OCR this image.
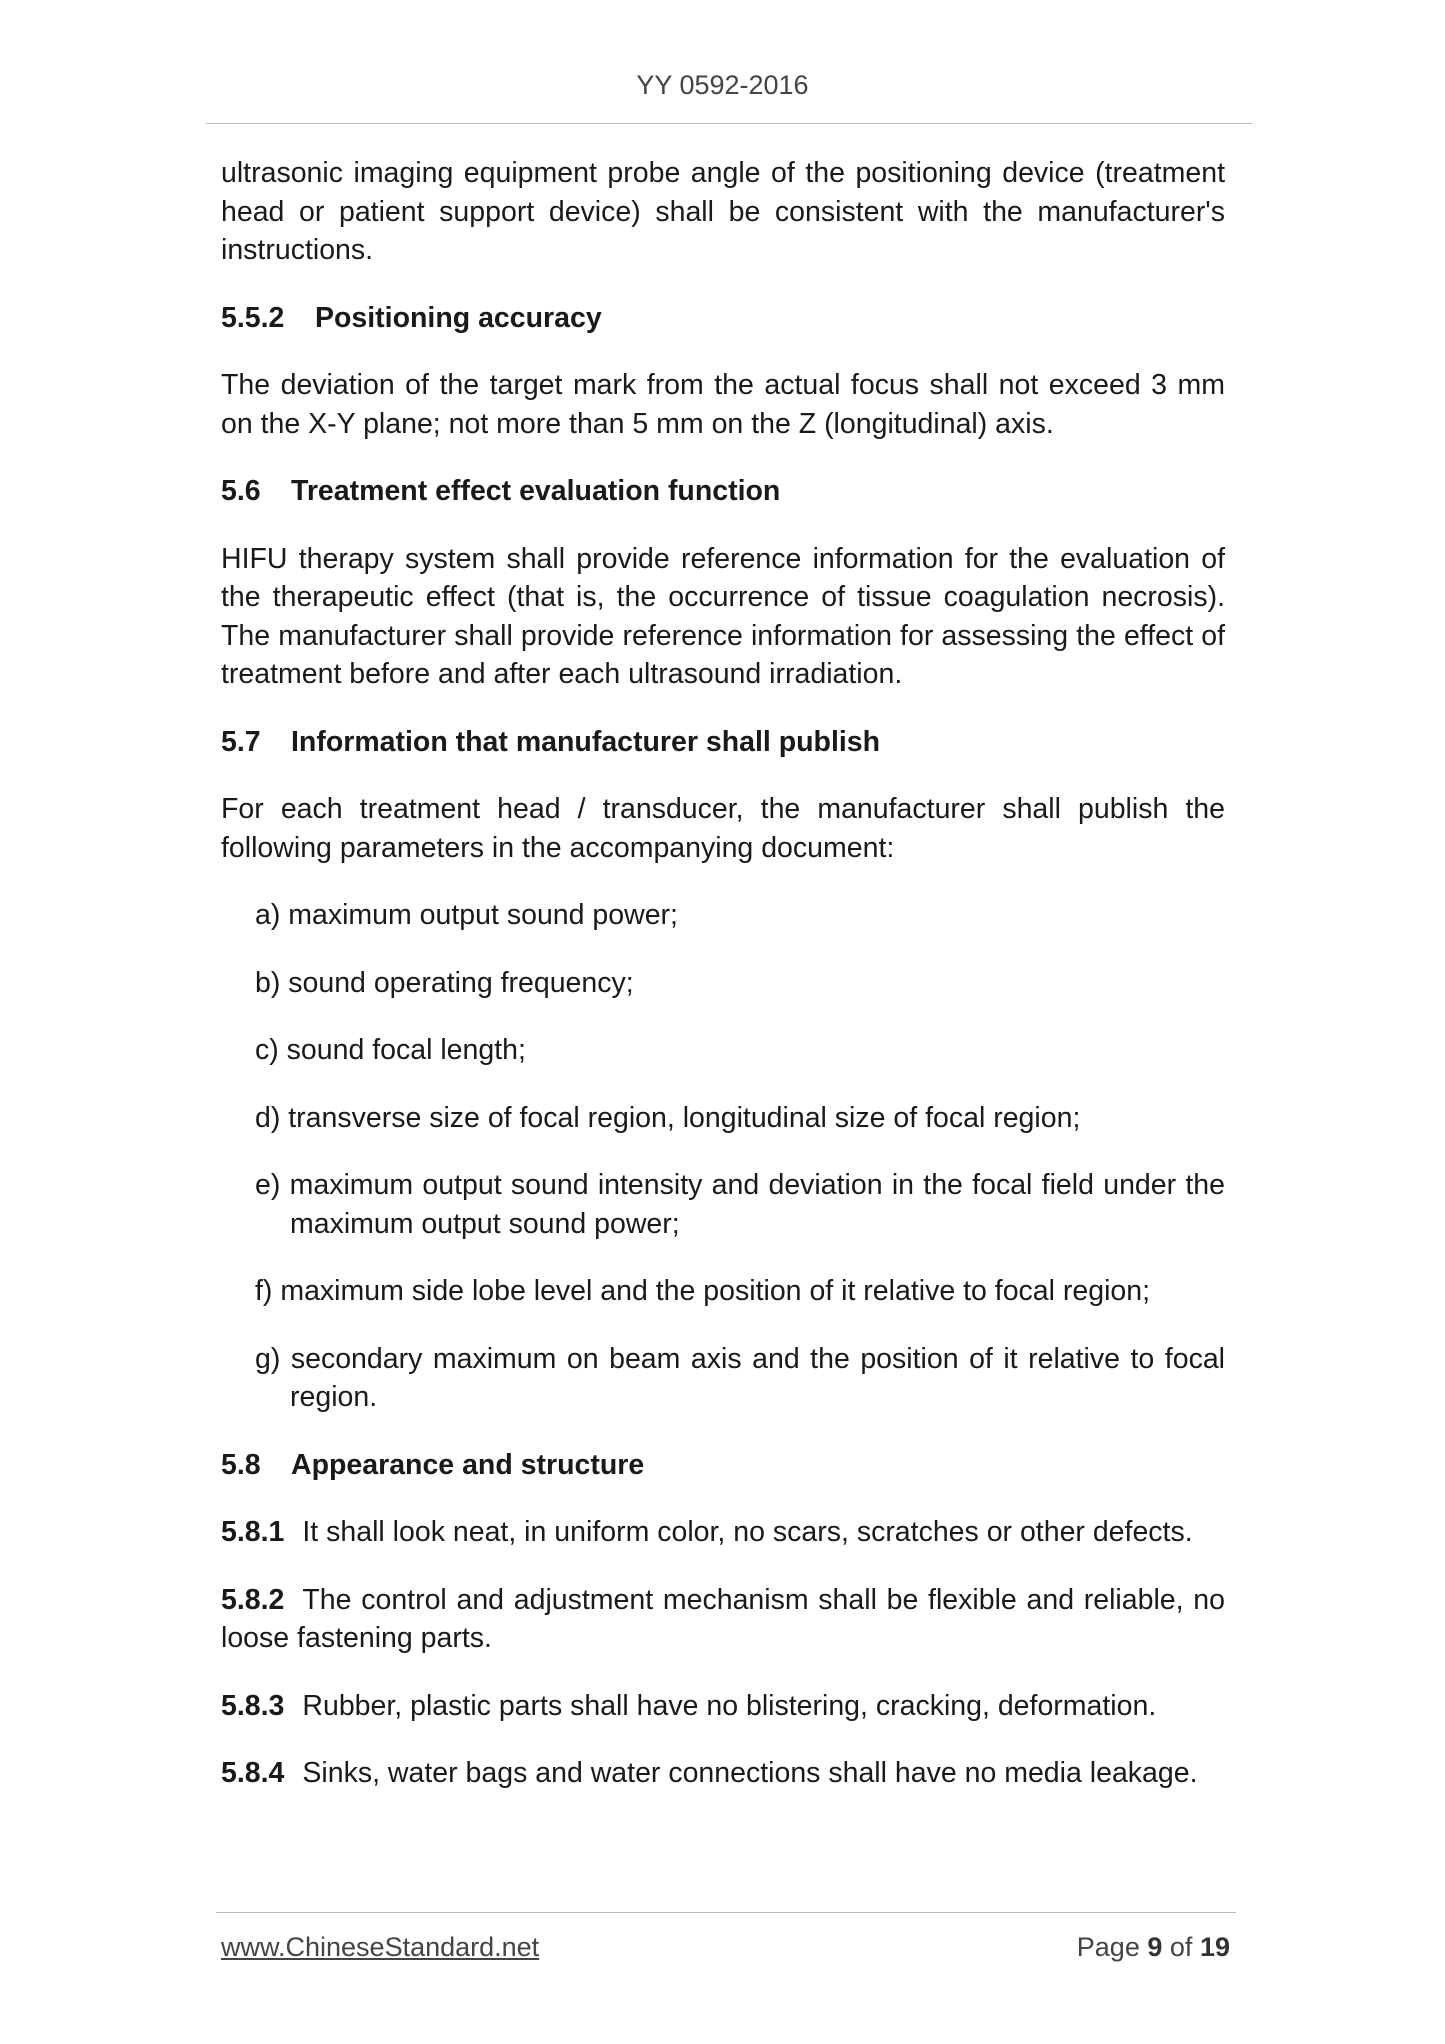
YY 0592-2016

ultrasonic imaging equipment probe angle of the positioning device (treatment head or patient support device) shall be consistent with the manufacturer's instructions.

5.5.2 Positioning accuracy

The deviation of the target mark from the actual focus shall not exceed 3 mm on the X-Y plane; not more than 5 mm on the Z (longitudinal) axis.

5.6 Treatment effect evaluation function

HIFU therapy system shall provide reference information for the evaluation of the therapeutic effect (that is, the occurrence of tissue coagulation necrosis). The manufacturer shall provide reference information for assessing the effect of treatment before and after each ultrasound irradiation.

5.7 Information that manufacturer shall publish

For each treatment head / transducer, the manufacturer shall publish the following parameters in the accompanying document:

a) maximum output sound power;
b) sound operating frequency;
c) sound focal length;
d) transverse size of focal region, longitudinal size of focal region;
e) maximum output sound intensity and deviation in the focal field under the maximum output sound power;
f) maximum side lobe level and the position of it relative to focal region;
g) secondary maximum on beam axis and the position of it relative to focal region.
5.8 Appearance and structure

5.8.1 It shall look neat, in uniform color, no scars, scratches or other defects.

5.8.2 The control and adjustment mechanism shall be flexible and reliable, no loose fastening parts.

5.8.3 Rubber, plastic parts shall have no blistering, cracking, deformation.

5.8.4 Sinks, water bags and water connections shall have no media leakage.

www.ChineseStandard.net	Page 9 of 19
